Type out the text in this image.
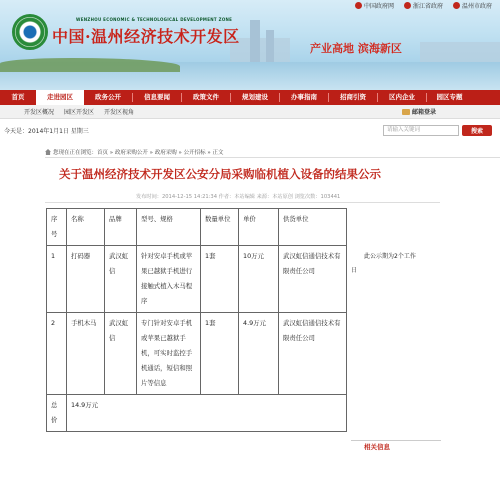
中国政府网	浙江省政府	温州市政府
WENZHOU ECONOMIC & TECHNOLOGICAL DEVELOPMENT ZONE
中国·温州经济技术开发区
产业高地 滨海新区
首页	走进园区	政务公开	信息要闻	政策文件	规划建设	办事指南	招商引资	区内企业	园区专题
开发区概况 园区开发区 开发区视角	邮箱登录
今天是：2014年1月1日 星期三	请输入关键词	搜索
您现在正在浏览：首页 » 政府采购公开 » 政府采购 » 公开招标 » 正文
关于温州经济技术开发区公安分局采购临机植入设备的结果公示
发布时间：2014-12-15 14:21:34 作者：本站编辑 来源：本站原创 浏览次数：103441
序号	名称	品牌	型号、规格	数量单位	单价	供货单位
1	打码器	武汉虹信	针对安卓手机或苹果已越狱手机进行接触式植入木马程序	1套	10万元	武汉虹信通信技术有限责任公司
2	手机木马	武汉虹信	专门针对安卓手机或苹果已越狱手机，可实时监控手机通话，短信和照片等信息	1套	4.9万元	武汉虹信通信技术有限责任公司
总价	14.9万元					
此公示期为2个工作
日
相关信息
